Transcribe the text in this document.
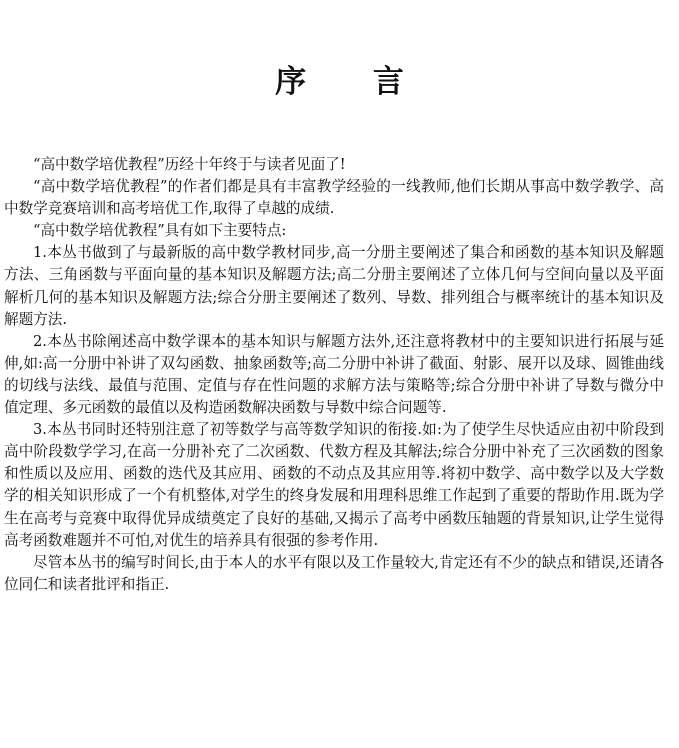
序 言

“高中数学培优教程”历经十年终于与读者见面了!

“高中数学培优教程”的作者们都是具有丰富教学经验的一线教师,他们长期从事高中数学教学、高中数学竞赛培训和高考培优工作,取得了卓越的成绩.

“高中数学培优教程”具有如下主要特点:

1.本丛书做到了与最新版的高中数学教材同步,高一分册主要阐述了集合和函数的基本知识及解题方法、三角函数与平面向量的基本知识及解题方法;高二分册主要阐述了立体几何与空间向量以及平面解析几何的基本知识及解题方法;综合分册主要阐述了数列、导数、排列组合与概率统计的基本知识及解题方法.

2.本丛书除阐述高中数学课本的基本知识与解题方法外,还注意将教材中的主要知识进行拓展与延伸,如:高一分册中补讲了双勾函数、抽象函数等;高二分册中补讲了截面、射影、展开以及球、圆锥曲线的切线与法线、最值与范围、定值与存在性问题的求解方法与策略等;综合分册中补讲了导数与微分中值定理、多元函数的最值以及构造函数解决函数与导数中综合问题等.

3.本丛书同时还特别注意了初等数学与高等数学知识的衔接.如:为了使学生尽快适应由初中阶段到高中阶段数学学习,在高一分册补充了二次函数、代数方程及其解法;综合分册中补充了三次函数的图象和性质以及应用、函数的迭代及其应用、函数的不动点及其应用等.将初中数学、高中数学以及大学数学的相关知识形成了一个有机整体,对学生的终身发展和用理科思维工作起到了重要的帮助作用.既为学生在高考与竞赛中取得优异成绩奠定了良好的基础,又揭示了高考中函数压轴题的背景知识,让学生觉得高考函数难题并不可怕,对优生的培养具有很强的参考作用.

尽管本丛书的编写时间长,由于本人的水平有限以及工作量较大,肯定还有不少的缺点和错误,还请各位同仁和读者批评和指正.
